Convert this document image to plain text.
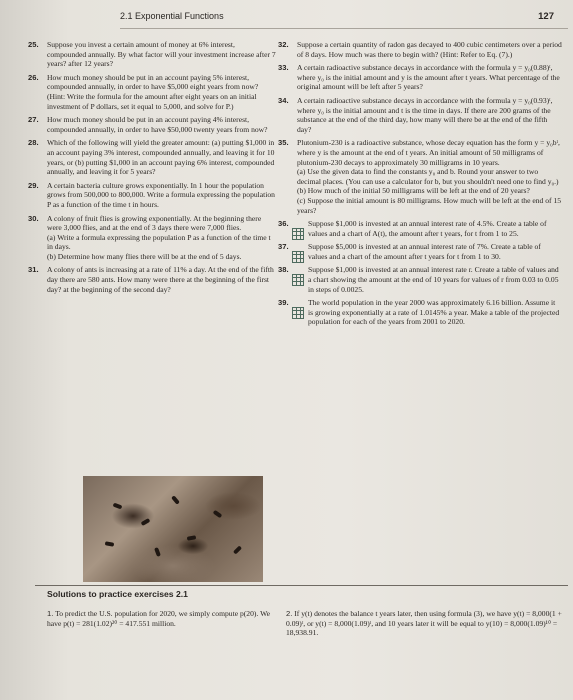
2.1 Exponential Functions	127
25. Suppose you invest a certain amount of money at 6% interest, compounded annually. By what factor will your investment increase after 7 years? after 12 years?
26. How much money should be put in an account paying 5% interest, compounded annually, in order to have $5,000 eight years from now? (Hint: Write the formula for the amount after eight years on an initial investment of P dollars, set it equal to 5,000, and solve for P.)
27. How much money should be put in an account paying 4% interest, compounded annually, in order to have $50,000 twenty years from now?
28. Which of the following will yield the greater amount: (a) putting $1,000 in an account paying 3% interest, compounded annually, and leaving it for 10 years, or (b) putting $1,000 in an account paying 6% interest, compounded annually, and leaving it for 5 years?
29. A certain bacteria culture grows exponentially. In 1 hour the population grows from 500,000 to 800,000. Write a formula expressing the population P as a function of the time t in hours.
30. A colony of fruit flies is growing exponentially. At the beginning there were 3,000 flies, and at the end of 3 days there were 7,000 flies.
(a) Write a formula expressing the population P as a function of the time t in days.
(b) Determine how many flies there will be at the end of 5 days.
31. A colony of ants is increasing at a rate of 11% a day. At the end of the fifth day there are 580 ants. How many were there at the beginning of the first day? at the beginning of the second day?
32. Suppose a certain quantity of radon gas decayed to 400 cubic centimeters over a period of 8 days. How much was there to begin with? (Hint: Refer to Eq. (7).)
33. A certain radioactive substance decays in accordance with the formula y = y₀(0.88)ᵗ, where y₀ is the initial amount and y is the amount after t years. What percentage of the original amount will be left after 5 years?
34. A certain radioactive substance decays in accordance with the formula y = y₀(0.93)ᵗ, where y₀ is the initial amount and t is the time in days. If there are 200 grams of the substance at the end of the third day, how many will there be at the end of the fifth day?
35. Plutonium-230 is a radioactive substance, whose decay equation has the form y = y₀bᵗ, where y is the amount at the end of t years. An initial amount of 50 milligrams of plutonium-230 decays to approximately 30 milligrams in 10 years.
(a) Use the given data to find the constants y₀ and b. Round your answer to two decimal places. (You can use a calculator for b, but you shouldn't need one to find y₀.)
(b) How much of the initial 50 milligrams will be left at the end of 20 years?
(c) Suppose the initial amount is 80 milligrams. How much will be left at the end of 15 years?
36.	Suppose $1,000 is invested at an annual interest rate of 4.5%. Create a table of values and a chart of A(t), the amount after t years, for t from 1 to 25.
37.	Suppose $5,000 is invested at an annual interest rate of 7%. Create a table of values and a chart of the amount after t years for t from 1 to 30.
38.	Suppose $1,000 is invested at an annual interest rate r. Create a table of values and a chart showing the amount at the end of 10 years for values of r from 0.03 to 0.05 in steps of 0.0025.
39.	The world population in the year 2000 was approximately 6.16 billion. Assume it is growing exponentially at a rate of 1.0145% a year. Make a table of the projected population for each of the years from 2001 to 2020.
Solutions to practice exercises 2.1
1. To predict the U.S. population for 2020, we simply compute p(20). We have p(t) = 281(1.02)²⁰ = 417.551 million.
2. If y(t) denotes the balance t years later, then using formula (3), we have y(t) = 8,000(1 + 0.09)ᵗ, or y(t) = 8,000(1.09)ᵗ, and 10 years later it will be equal to y(10) = 8,000(1.09)¹⁰ = 18,938.91.
